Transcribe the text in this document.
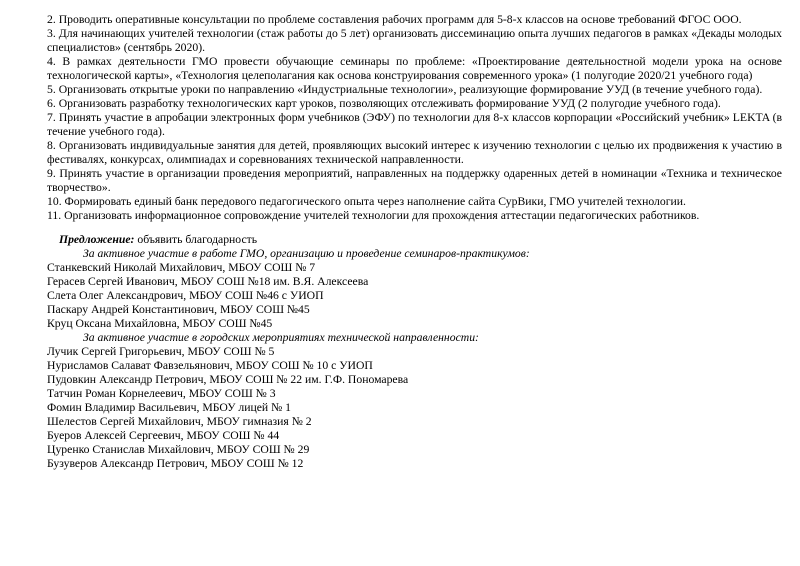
2. Проводить оперативные консультации по проблеме составления рабочих программ для 5-8-х классов на основе требований ФГОС ООО.

3. Для начинающих учителей технологии (стаж работы до 5 лет) организовать диссеминацию опыта лучших педагогов в рамках «Декады молодых специалистов» (сентябрь 2020).

4. В рамках деятельности ГМО провести обучающие семинары по проблеме: «Проектирование деятельностной модели урока на основе технологической карты», «Технология целеполагания как основа конструирования современного урока» (1 полугодие 2020/21 учебного года)

5. Организовать открытые уроки по направлению «Индустриальные технологии», реализующие формирование УУД (в течение учебного года).

6. Организовать разработку технологических карт уроков, позволяющих отслеживать формирование УУД (2 полугодие учебного года).

7. Принять участие в апробации электронных форм учебников (ЭФУ) по технологии для 8-х классов корпорации «Российский учебник» LEKTA (в течение учебного года).

8. Организовать индивидуальные занятия для детей, проявляющих высокий интерес к изучению технологии с целью их продвижения к участию в фестивалях, конкурсах, олимпиадах и соревнованиях технической направленности.

9. Принять участие в организации проведения мероприятий, направленных на поддержку одаренных детей в номинации «Техника и техническое творчество».

10. Формировать единый банк передового педагогического опыта через наполнение сайта СурВики, ГМО учителей технологии.

11. Организовать информационное сопровождение учителей технологии для прохождения аттестации педагогических работников.

Предложение: объявить благодарность

За активное участие в работе ГМО, организацию и проведение семинаров-практикумов:

Станкевский Николай Михайлович, МБОУ СОШ № 7

Герасев Сергей Иванович, МБОУ СОШ №18 им. В.Я. Алексеева

Слета Олег Александрович, МБОУ СОШ №46 с УИОП

Паскару Андрей Константинович, МБОУ СОШ №45

Круц Оксана Михайловна, МБОУ СОШ №45

За активное участие в городских мероприятиях технической направленности:

Лучик Сергей Григорьевич, МБОУ СОШ № 5

Нурисламов Салават Фавзельянович, МБОУ СОШ № 10 с УИОП

Пудовкин Александр Петрович, МБОУ СОШ № 22 им. Г.Ф. Пономарева

Татчин Роман Корнелеевич, МБОУ СОШ № 3

Фомин Владимир Васильевич, МБОУ лицей № 1

Шелестов Сергей Михайлович, МБОУ гимназия № 2

Буеров Алексей Сергеевич, МБОУ СОШ № 44

Цуренко Станислав Михайлович, МБОУ СОШ № 29

Бузуверов Александр Петрович, МБОУ СОШ № 12
